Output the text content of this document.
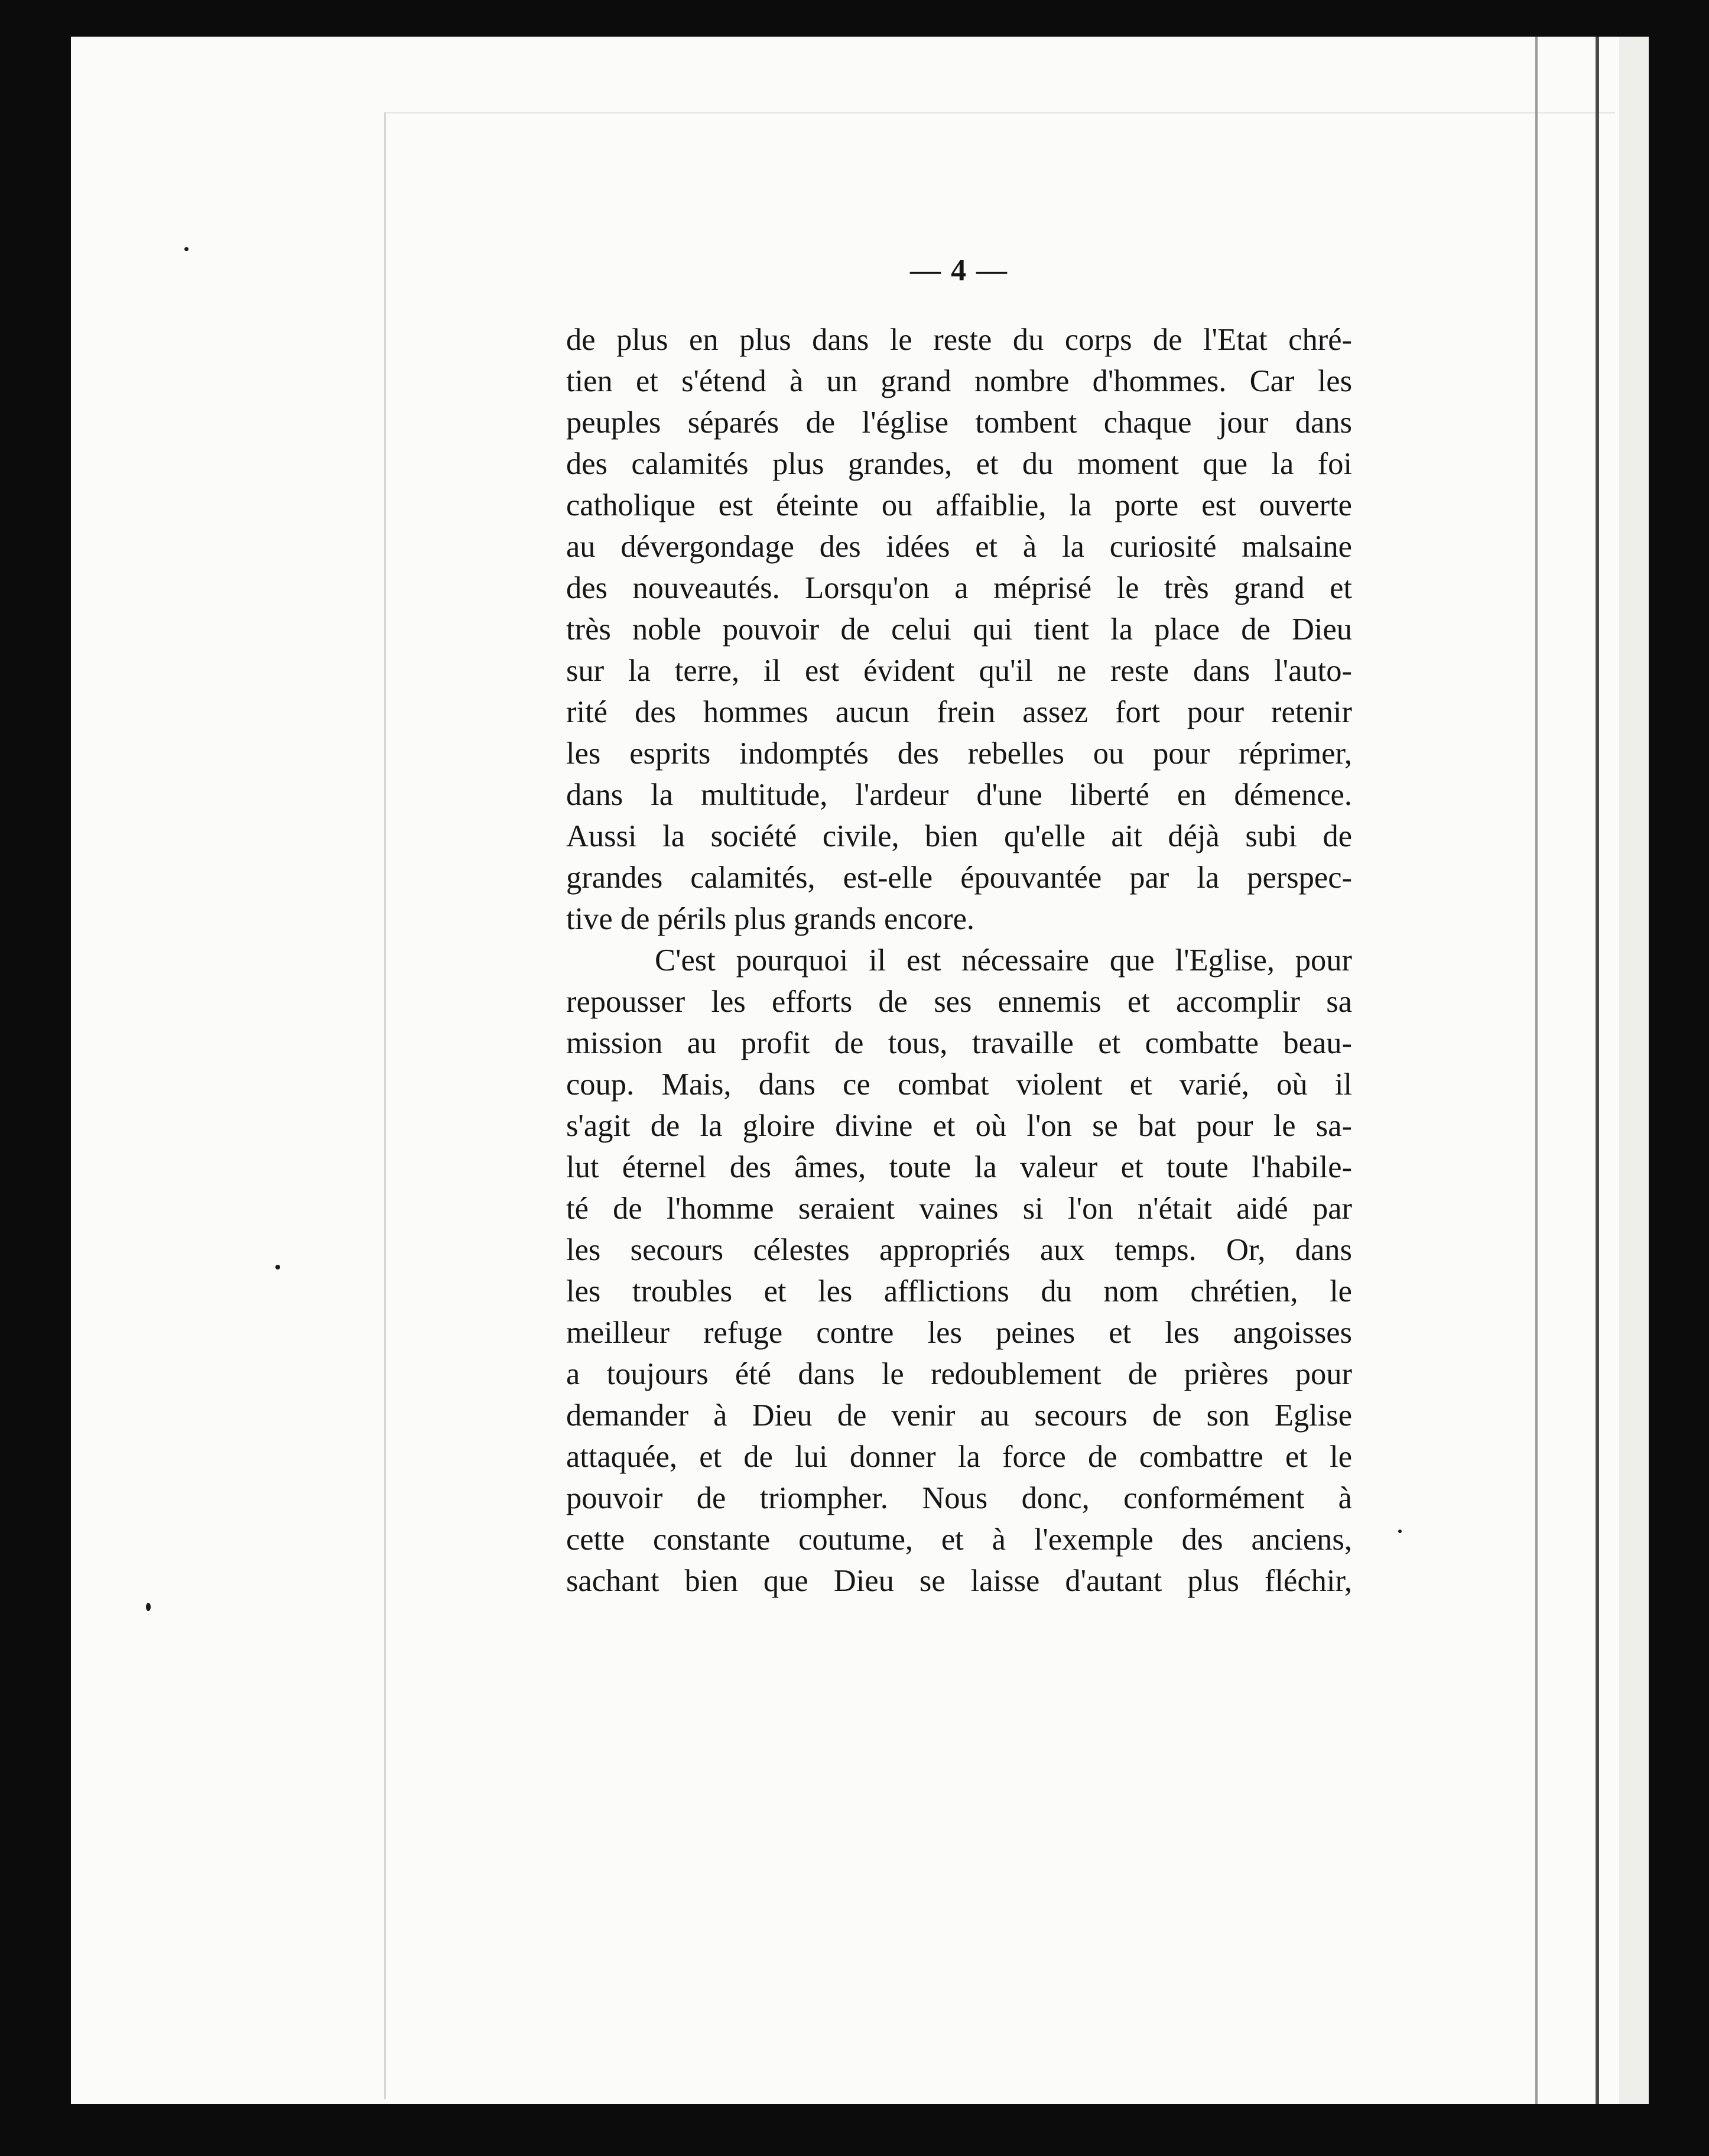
— 4 —
de plus en plus dans le reste du corps de l'Etat chré-
tien et s'étend à un grand nombre d'hommes. Car les
peuples séparés de l'église tombent chaque jour dans
des calamités plus grandes, et du moment que la foi
catholique est éteinte ou affaiblie, la porte est ouverte
au dévergondage des idées et à la curiosité malsaine
des nouveautés. Lorsqu'on a méprisé le très grand et
très noble pouvoir de celui qui tient la place de Dieu
sur la terre, il est évident qu'il ne reste dans l'auto-
rité des hommes aucun frein assez fort pour retenir
les esprits indomptés des rebelles ou pour réprimer,
dans la multitude, l'ardeur d'une liberté en démence.
Aussi la société civile, bien qu'elle ait déjà subi de
grandes calamités, est-elle épouvantée par la perspec-
tive de périls plus grands encore.
C'est pourquoi il est nécessaire que l'Eglise, pour
repousser les efforts de ses ennemis et accomplir sa
mission au profit de tous, travaille et combatte beau-
coup. Mais, dans ce combat violent et varié, où il
s'agit de la gloire divine et où l'on se bat pour le sa-
lut éternel des âmes, toute la valeur et toute l'habile-
té de l'homme seraient vaines si l'on n'était aidé par
les secours célestes appropriés aux temps. Or, dans
les troubles et les afflictions du nom chrétien, le
meilleur refuge contre les peines et les angoisses
a toujours été dans le redoublement de prières pour
demander à Dieu de venir au secours de son Eglise
attaquée, et de lui donner la force de combattre et le
pouvoir de triompher. Nous donc, conformément à
cette constante coutume, et à l'exemple des anciens,
sachant bien que Dieu se laisse d'autant plus fléchir,
